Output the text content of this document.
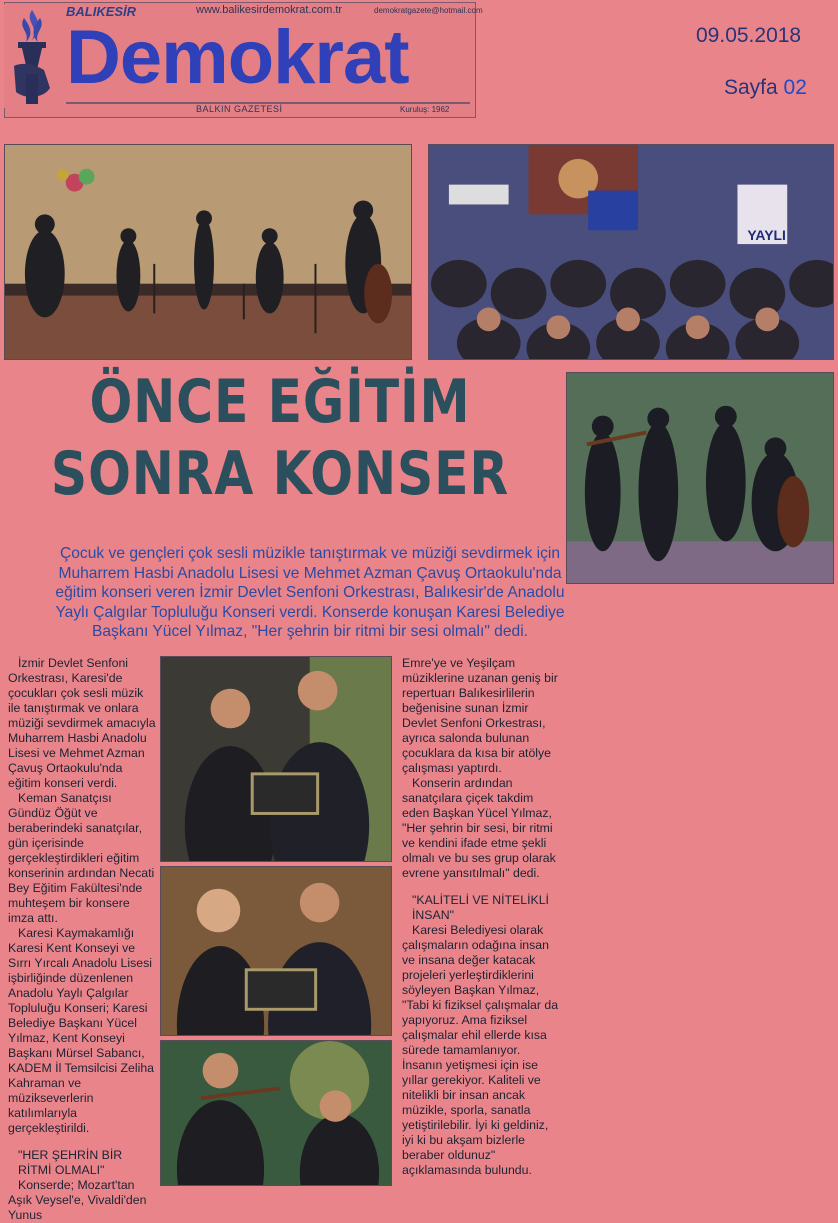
BALIKESİR	www.balikesirdemokrat.com.tr	demokratgazete@hotmail.com
Demokrat
BALKIN GAZETESİ	Kuruluş: 1962
09.05.2018
Sayfa 02
YAYLI
ÖNCE EĞİTİM
SONRA KONSER
Çocuk ve gençleri çok sesli müzikle tanıştırmak ve müziği sevdirmek için Muharrem Hasbi Anadolu Lisesi ve Mehmet Azman Çavuş Ortaokulu'nda eğitim konseri veren İzmir Devlet Senfoni Orkestrası, Balıkesir'de Anadolu Yaylı Çalgılar Topluluğu Konseri verdi. Konserde konuşan Karesi Belediye Başkanı Yücel Yılmaz, "Her şehrin bir ritmi bir sesi olmalı" dedi.

İzmir Devlet Senfoni Orkestrası, Karesi'de çocukları çok sesli müzik ile tanıştırmak ve onlara müziği sevdirmek amacıyla Muharrem Hasbi Anadolu Lisesi ve Mehmet Azman Çavuş Ortaokulu'nda eğitim konseri verdi.

Keman Sanatçısı Gündüz Öğüt ve beraberindeki sanatçılar, gün içerisinde gerçekleştirdikleri eğitim konserinin ardından Necati Bey Eğitim Fakültesi'nde muhteşem bir konsere imza attı.

Karesi Kaymakamlığı Karesi Kent Konseyi ve Sırrı Yırcalı Anadolu Lisesi işbirliğinde düzenlenen Anadolu Yaylı Çalgılar Topluluğu Konseri; Karesi Belediye Başkanı Yücel Yılmaz, Kent Konseyi Başkanı Mürsel Sabancı, KADEM İl Temsilcisi Zeliha Kahraman ve müzikseverlerin katılımlarıyla gerçekleştirildi.

"HER ŞEHRİN BİR RİTMİ OLMALI"

Konserde; Mozart'tan Aşık Veysel'e, Vivaldi'den Yunus

Emre'ye ve Yeşilçam müziklerine uzanan geniş bir repertuarı Balıkesirlilerin beğenisine sunan İzmir Devlet Senfoni Orkestrası, ayrıca salonda bulunan çocuklara da kısa bir atölye çalışması yaptırdı.

Konserin ardından sanatçılara çiçek takdim eden Başkan Yücel Yılmaz, "Her şehrin bir sesi, bir ritmi ve kendini ifade etme şekli olmalı ve bu ses grup olarak evrene yansıtılmalı" dedi.

"KALİTELİ VE NİTELİKLİ İNSAN"

Karesi Belediyesi olarak çalışmaların odağına insan ve insana değer katacak projeleri yerleştirdiklerini söyleyen Başkan Yılmaz, "Tabi ki fiziksel çalışmalar da yapıyoruz. Ama fiziksel çalışmalar ehil ellerde kısa sürede tamamlanıyor. İnsanın yetişmesi için ise yıllar gerekiyor. Kaliteli ve nitelikli bir insan ancak müzikle, sporla, sanatla yetiştirilebilir. İyi ki geldiniz, iyi ki bu akşam bizlerle beraber oldunuz" açıklamasında bulundu.
